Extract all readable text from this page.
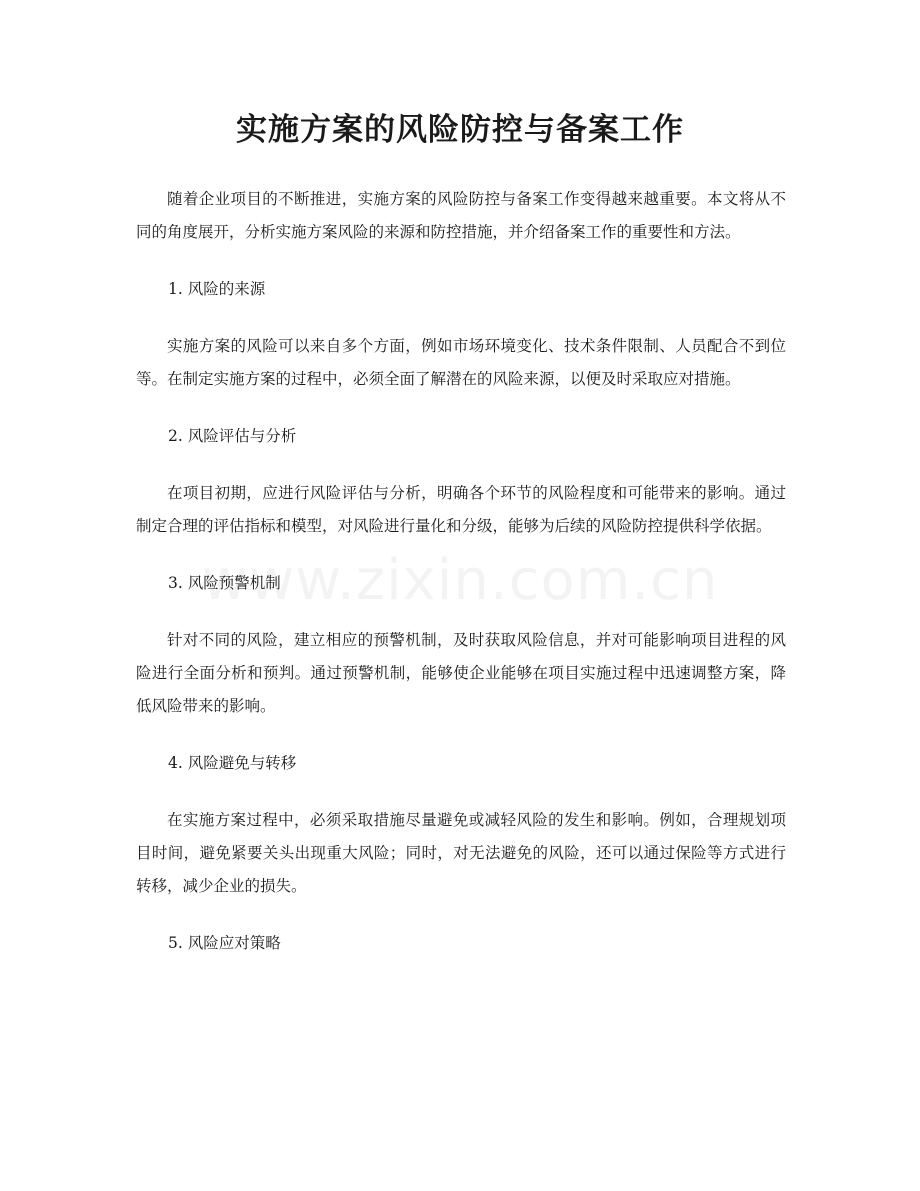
实施方案的风险防控与备案工作

随着企业项目的不断推进，实施方案的风险防控与备案工作变得越来越重要。本文将从不同的角度展开，分析实施方案风险的来源和防控措施，并介绍备案工作的重要性和方法。

1. 风险的来源

实施方案的风险可以来自多个方面，例如市场环境变化、技术条件限制、人员配合不到位等。在制定实施方案的过程中，必须全面了解潜在的风险来源，以便及时采取应对措施。

2. 风险评估与分析

在项目初期，应进行风险评估与分析，明确各个环节的风险程度和可能带来的影响。通过制定合理的评估指标和模型，对风险进行量化和分级，能够为后续的风险防控提供科学依据。

3. 风险预警机制

针对不同的风险，建立相应的预警机制，及时获取风险信息，并对可能影响项目进程的风险进行全面分析和预判。通过预警机制，能够使企业能够在项目实施过程中迅速调整方案，降低风险带来的影响。

4. 风险避免与转移

在实施方案过程中，必须采取措施尽量避免或减轻风险的发生和影响。例如，合理规划项目时间，避免紧要关头出现重大风险；同时，对无法避免的风险，还可以通过保险等方式进行转移，减少企业的损失。

5. 风险应对策略
